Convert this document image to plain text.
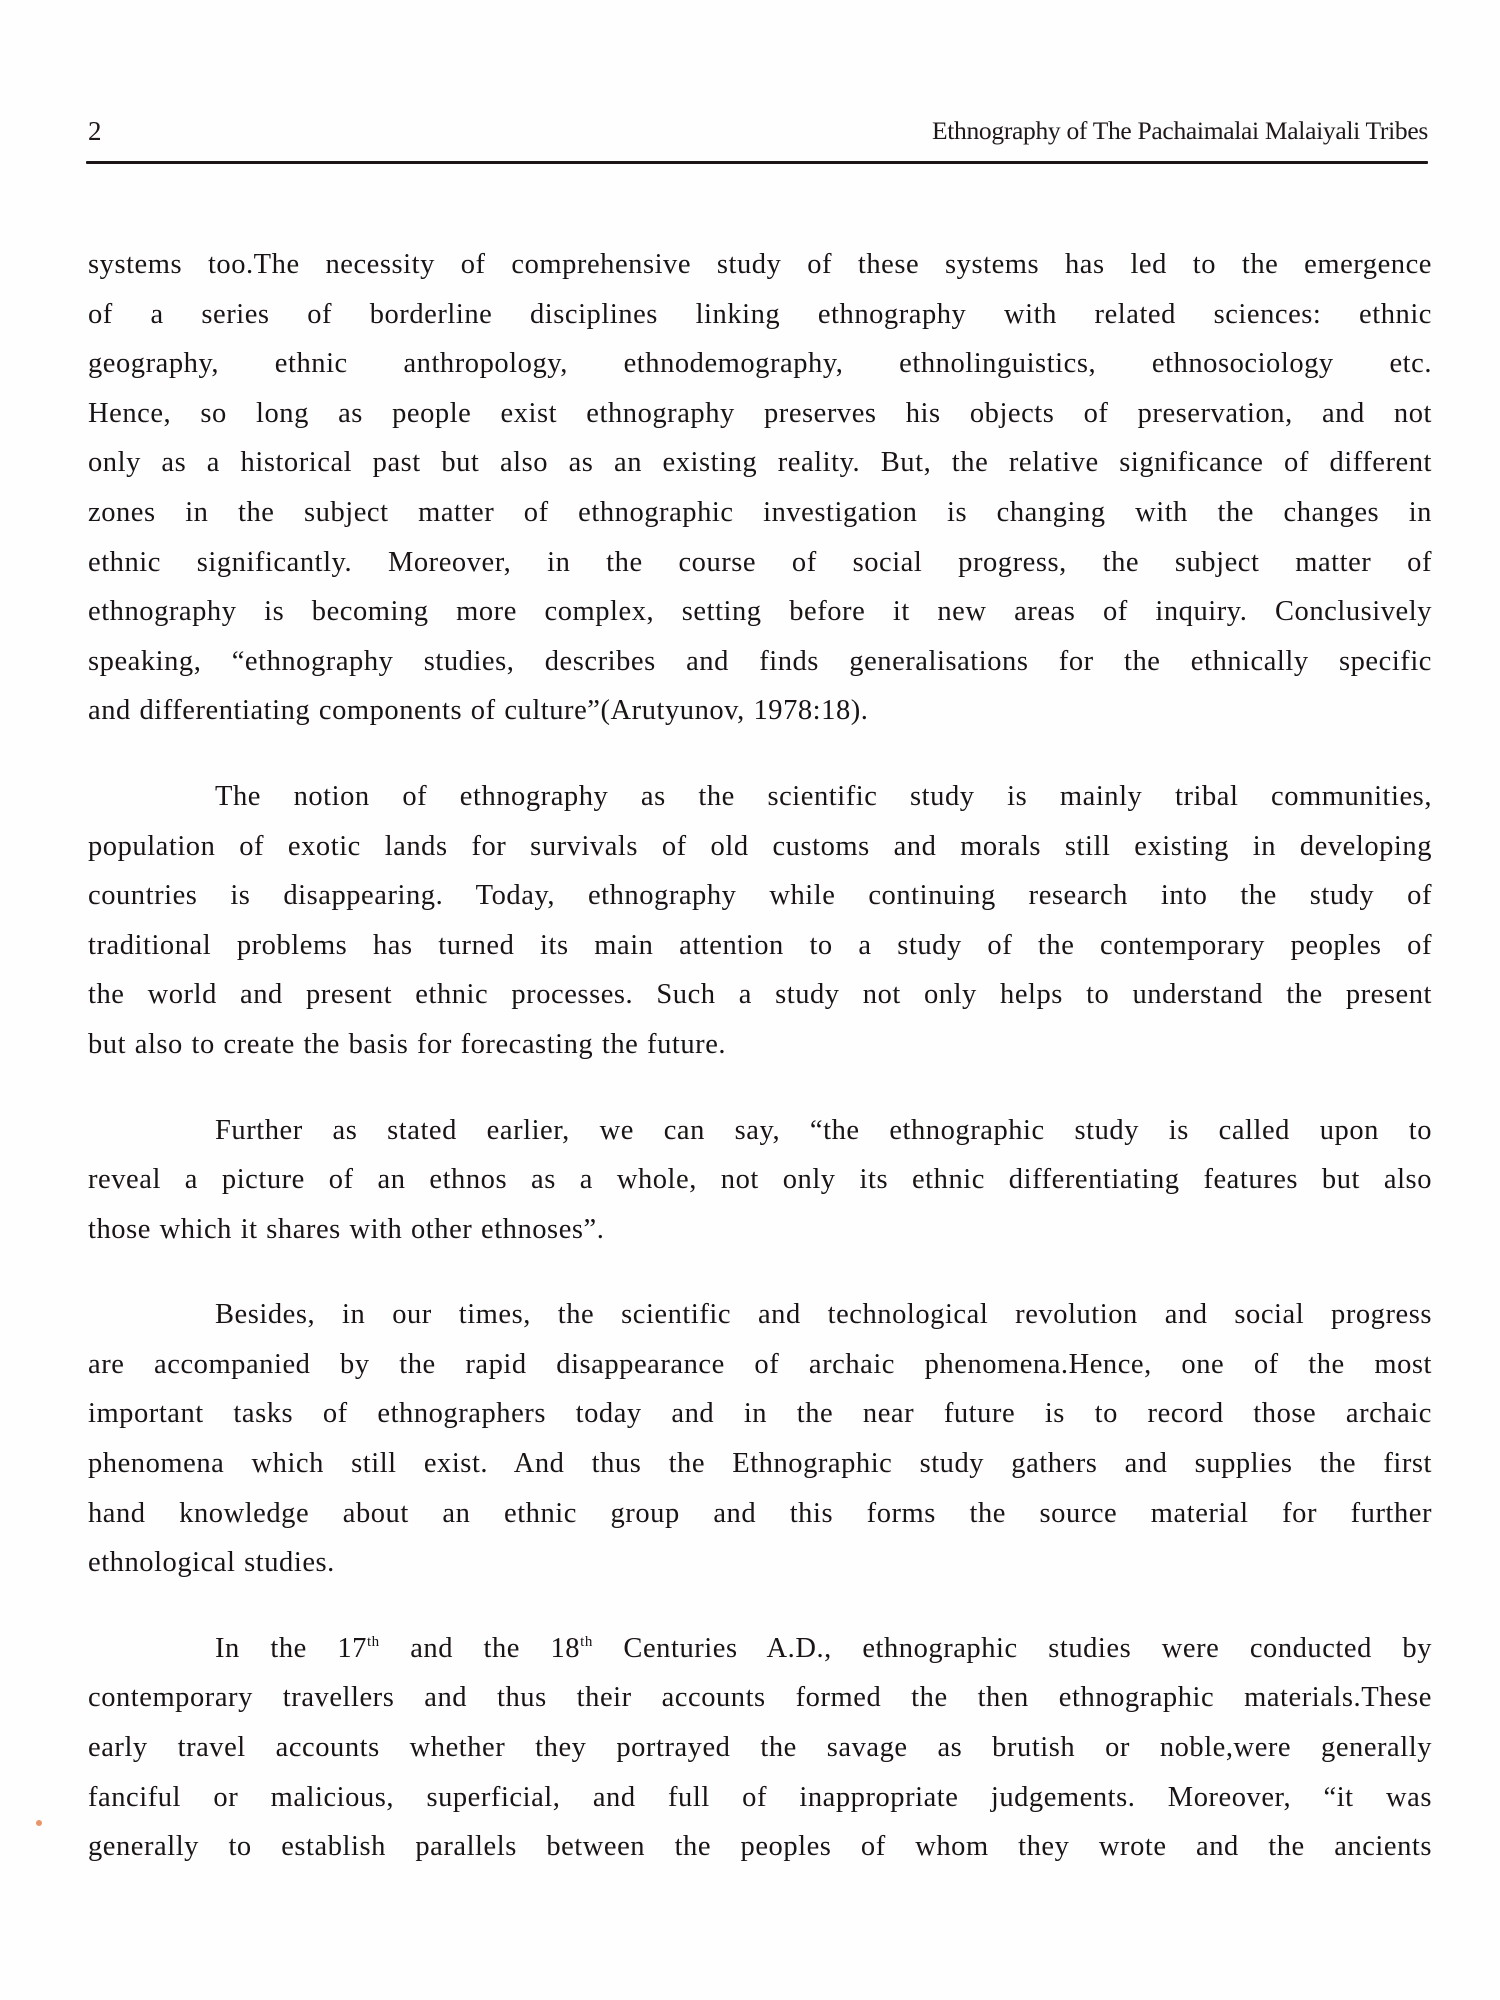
2	Ethnography of The Pachaimalai Malaiyali Tribes

systems too.The necessity of comprehensive study of these systems has led to the emergence
of a series of borderline disciplines linking ethnography with related sciences: ethnic
geography, ethnic anthropology, ethnodemography, ethnolinguistics, ethnosociology etc.
Hence, so long as people exist ethnography preserves his objects of preservation, and not
only as a historical past but also as an existing reality. But, the relative significance of different
zones in the subject matter of ethnographic investigation is changing with the changes in
ethnic significantly. Moreover, in the course of social progress, the subject matter of
ethnography is becoming more complex, setting before it new areas of inquiry. Conclusively
speaking, “ethnography studies, describes and finds generalisations for the ethnically specific
and differentiating components of culture”(Arutyunov, 1978:18).

The notion of ethnography as the scientific study is mainly tribal communities,
population of exotic lands for survivals of old customs and morals still existing in developing
countries is disappearing. Today, ethnography while continuing research into the study of
traditional problems has turned its main attention to a study of the contemporary peoples of
the world and present ethnic processes. Such a study not only helps to understand the present
but also to create the basis for forecasting the future.

Further as stated earlier, we can say, “the ethnographic study is called upon to
reveal a picture of an ethnos as a whole, not only its ethnic differentiating features but also
those which it shares with other ethnoses”.

Besides, in our times, the scientific and technological revolution and social progress
are accompanied by the rapid disappearance of archaic phenomena.Hence, one of the most
important tasks of ethnographers today and in the near future is to record those archaic
phenomena which still exist. And thus the Ethnographic study gathers and supplies the first
hand knowledge about an ethnic group and this forms the source material for further
ethnological studies.

In the 17th and the 18th Centuries A.D., ethnographic studies were conducted by
contemporary travellers and thus their accounts formed the then ethnographic materials.These
early travel accounts whether they portrayed the savage as brutish or noble,were generally
fanciful or malicious, superficial, and full of inappropriate judgements. Moreover, “it was
generally to establish parallels between the peoples of whom they wrote and the ancients
